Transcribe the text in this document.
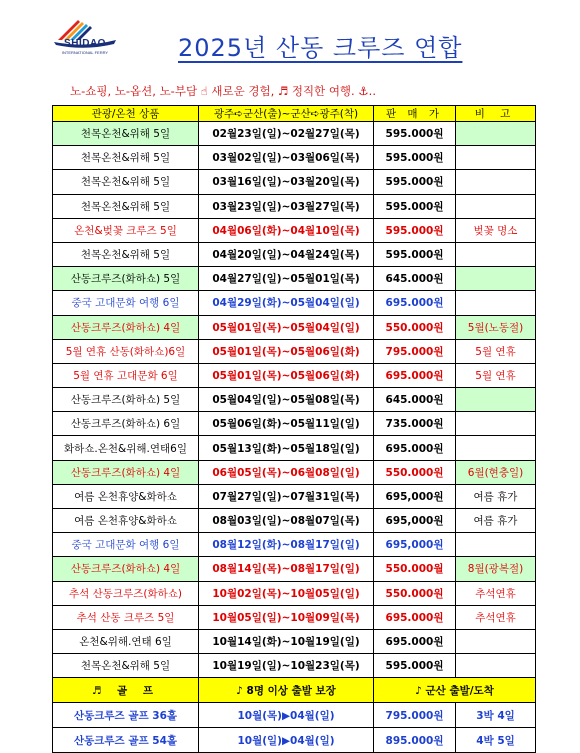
SHIDAO
INTERNATIONAL FERRY	2025년 산동 크루즈 연합
노-쇼핑, 노-옵션, 노-부담 ☝ 새로운 경험, ♬ 정직한 여행. ⚓..
관광/온천 상품	광주➪군산(출)~군산➪광주(착)	판 매 가	비 고
천목온천&위해 5일	02월23일(일)~02월27일(목)	595.000원	
천목온천&위해 5일	03월02일(일)~03월06일(목)	595.000원	
천목온천&위해 5일	03월16일(일)~03월20일(목)	595.000원	
천목온천&위해 5일	03월23일(일)~03월27일(목)	595.000원	
온천&벚꽃 크루즈 5일	04월06일(화)~04월10일(목)	595.000원	벚꽃 명소
천목온천&위해 5일	04월20일(일)~04월24일(목)	595.000원	
산동크루즈(화하쇼) 5일	04월27일(일)~05월01일(목)	645.000원	
중국 고대문화 여행 6일	04월29일(화)~05월04일(일)	695.000원	
산동크루즈(화하쇼) 4일	05월01일(목)~05월04일(일)	550.000원	5월(노동절)
5월 연휴 산동(화하쇼)6일	05월01일(목)~05월06일(화)	795.000원	5월 연휴
5월 연휴 고대문화 6일	05월01일(목)~05월06일(화)	695.000원	5월 연휴
산동크루즈(화하쇼) 5일	05월04일(일)~05월08일(목)	645.000원	
산동크루즈(화하쇼) 6일	05월06일(화)~05월11일(일)	735.000원	
화하쇼.온천&위해.연태6일	05월13일(화)~05월18일(일)	695.000원	
산동크루즈(화하쇼) 4일	06월05일(목)~06월08일(일)	550.000원	6월(현충일)
여름 온천휴양&화하쇼	07월27일(일)~07월31일(목)	695,000원	여름 휴가
여름 온천휴양&화하쇼	08월03일(일)~08월07일(목)	695,000원	여름 휴가
중국 고대문화 여행 6일	08월12일(화)~08월17일(일)	695,000원	
산동크루즈(화하쇼) 4일	08월14일(목)~08월17일(일)	550.000월	8월(광복절)
추석 산동크루즈(화하쇼)	10월02일(목)~10월05일(일)	550.000원	추석연휴
추석 산동 크루즈 5일	10월05일(일)~10월09일(목)	695.000원	추석연휴
온천&위해.연태 6일	10월14일(화)~10월19일(일)	695.000원	
천목온천&위해 5일	10월19일(일)~10월23일(목)	595.000원	
♬ 골 프	♪ 8명 이상 출발 보장	♪ 군산 출발/도착	
산동크루즈 골프 36홀	10월(목)▶04월(일)	795.000원	3박 4일
산동크루즈 골프 54홀	10월(일)▶04월(일)	895.000원	4박 5일
